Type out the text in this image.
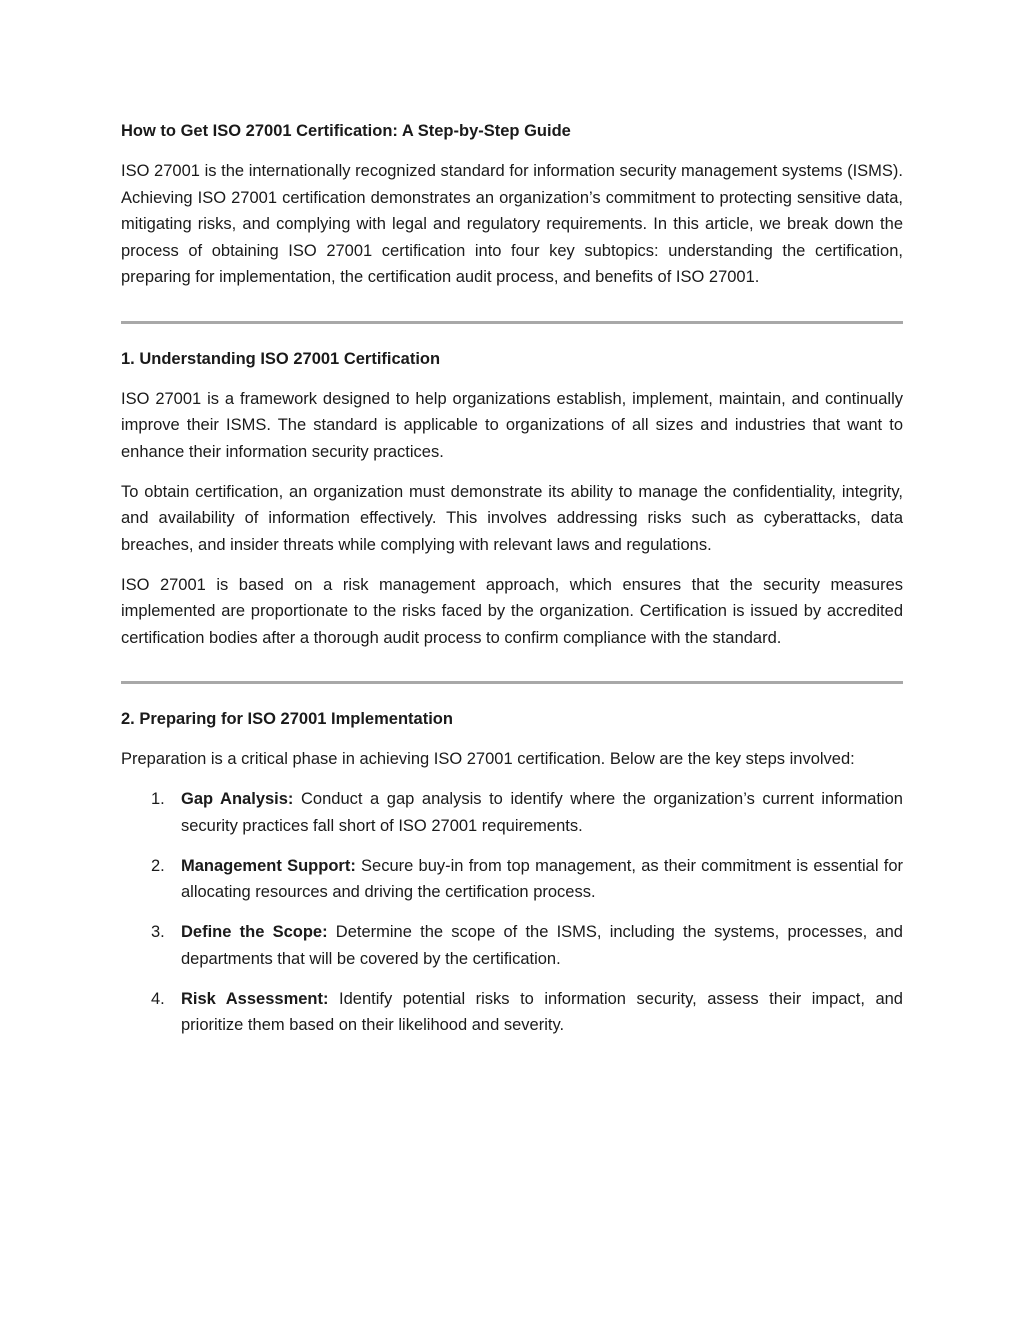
How to Get ISO 27001 Certification: A Step-by-Step Guide

ISO 27001 is the internationally recognized standard for information security management systems (ISMS). Achieving ISO 27001 certification demonstrates an organization’s commitment to protecting sensitive data, mitigating risks, and complying with legal and regulatory requirements. In this article, we break down the process of obtaining ISO 27001 certification into four key subtopics: understanding the certification, preparing for implementation, the certification audit process, and benefits of ISO 27001.

1. Understanding ISO 27001 Certification

ISO 27001 is a framework designed to help organizations establish, implement, maintain, and continually improve their ISMS. The standard is applicable to organizations of all sizes and industries that want to enhance their information security practices.

To obtain certification, an organization must demonstrate its ability to manage the confidentiality, integrity, and availability of information effectively. This involves addressing risks such as cyberattacks, data breaches, and insider threats while complying with relevant laws and regulations.

ISO 27001 is based on a risk management approach, which ensures that the security measures implemented are proportionate to the risks faced by the organization. Certification is issued by accredited certification bodies after a thorough audit process to confirm compliance with the standard.

2. Preparing for ISO 27001 Implementation

Preparation is a critical phase in achieving ISO 27001 certification. Below are the key steps involved:

1. Gap Analysis: Conduct a gap analysis to identify where the organization’s current information security practices fall short of ISO 27001 requirements.
2. Management Support: Secure buy-in from top management, as their commitment is essential for allocating resources and driving the certification process.
3. Define the Scope: Determine the scope of the ISMS, including the systems, processes, and departments that will be covered by the certification.
4. Risk Assessment: Identify potential risks to information security, assess their impact, and prioritize them based on their likelihood and severity.
